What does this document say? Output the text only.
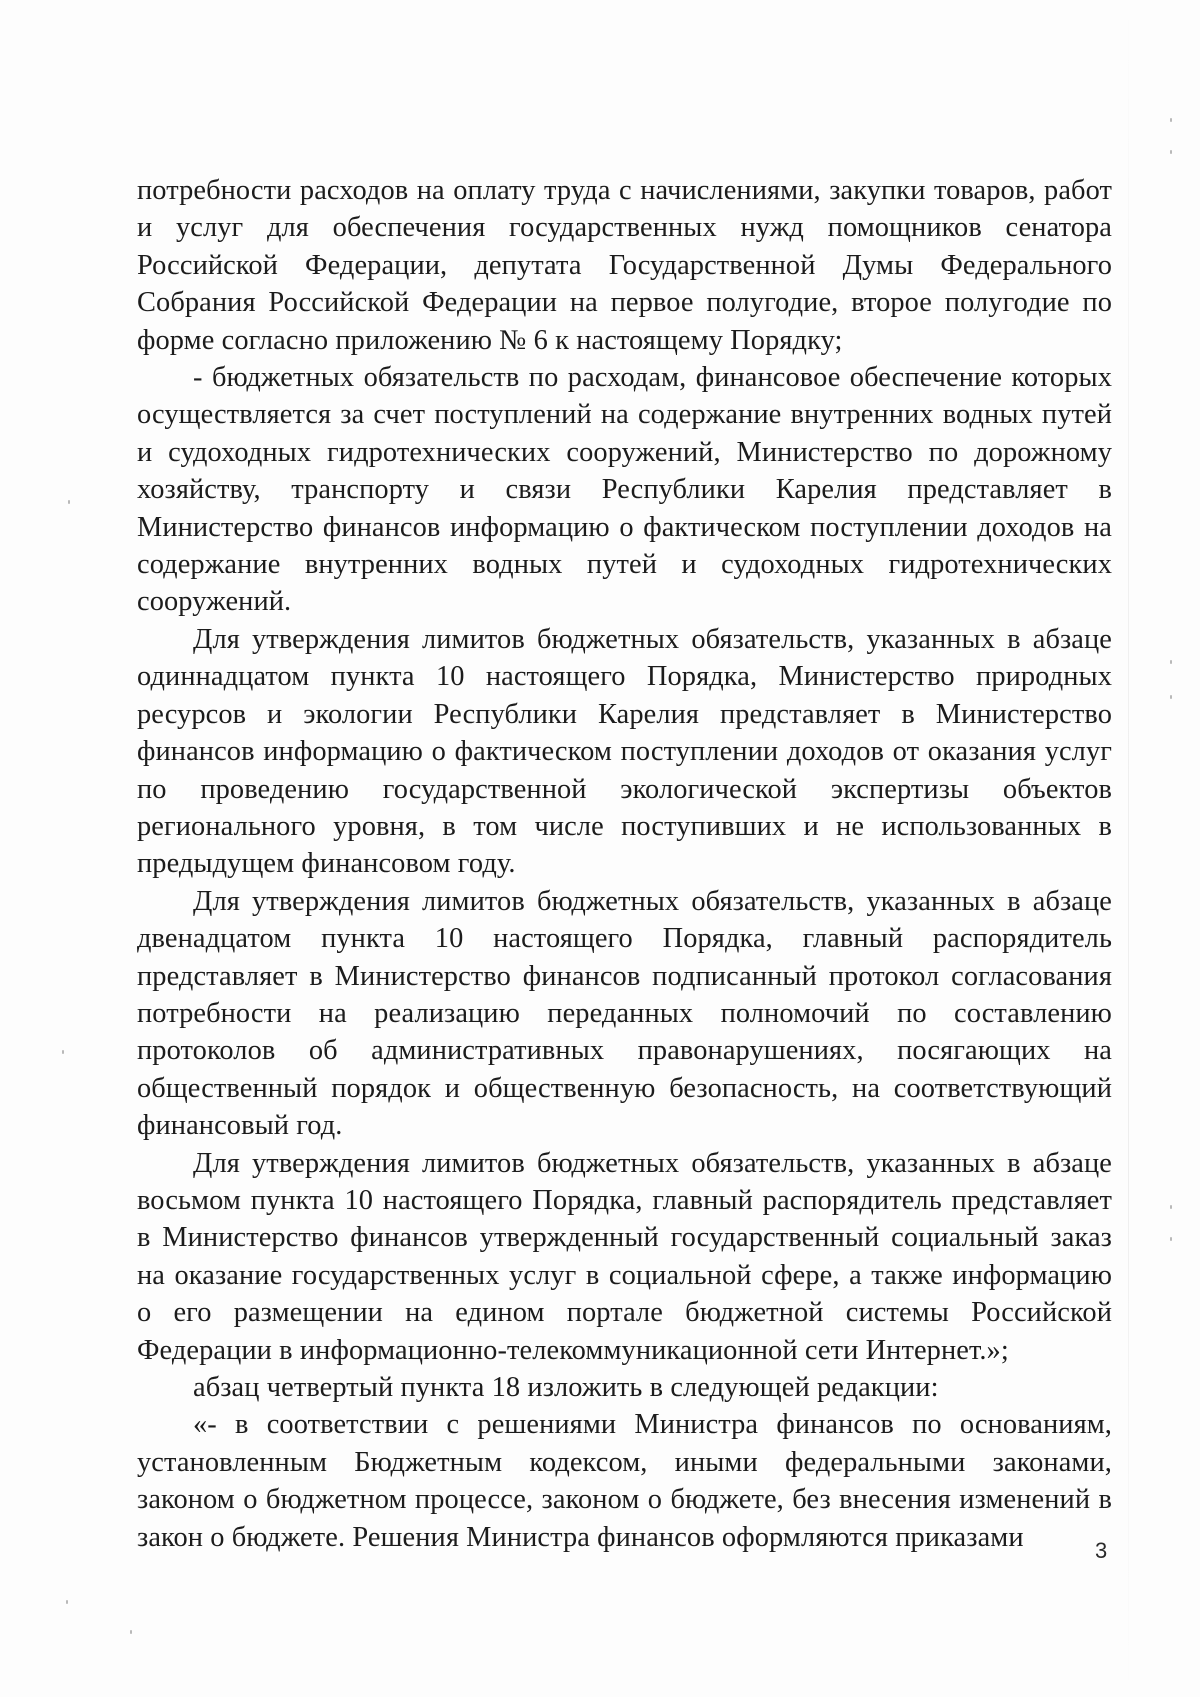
потребности расходов на оплату труда с начислениями, закупки товаров, работ и услуг для обеспечения государственных нужд помощников сенатора Российской Федерации, депутата Государственной Думы Федерального Собрания Российской Федерации на первое полугодие, второе полугодие по форме согласно приложению № 6 к настоящему Порядку;

- бюджетных обязательств по расходам, финансовое обеспечение которых осуществляется за счет поступлений на содержание внутренних водных путей и судоходных гидротехнических сооружений, Министерство по дорожному хозяйству, транспорту и связи Республики Карелия представляет в Министерство финансов информацию о фактическом поступлении доходов на содержание внутренних водных путей и судоходных гидротехнических сооружений.

Для утверждения лимитов бюджетных обязательств, указанных в абзаце одиннадцатом пункта 10 настоящего Порядка, Министерство природных ресурсов и экологии Республики Карелия представляет в Министерство финансов информацию о фактическом поступлении доходов от оказания услуг по проведению государственной экологической экспертизы объектов регионального уровня, в том числе поступивших и не использованных в предыдущем финансовом году.

Для утверждения лимитов бюджетных обязательств, указанных в абзаце двенадцатом пункта 10 настоящего Порядка, главный распорядитель представляет в Министерство финансов подписанный протокол согласования потребности на реализацию переданных полномочий по составлению протоколов об административных правонарушениях, посягающих на общественный порядок и общественную безопасность, на соответствующий финансовый год.

Для утверждения лимитов бюджетных обязательств, указанных в абзаце восьмом пункта 10 настоящего Порядка, главный распорядитель представляет в Министерство финансов утвержденный государственный социальный заказ на оказание государственных услуг в социальной сфере, а также информацию о его размещении на едином портале бюджетной системы Российской Федерации в информационно-телекоммуникационной сети Интернет.»;

абзац четвертый пункта 18 изложить в следующей редакции:

«- в соответствии с решениями Министра финансов по основаниям, установленным Бюджетным кодексом, иными федеральными законами, законом о бюджетном процессе, законом о бюджете, без внесения изменений в закон о бюджете. Решения Министра финансов оформляются приказами	3
